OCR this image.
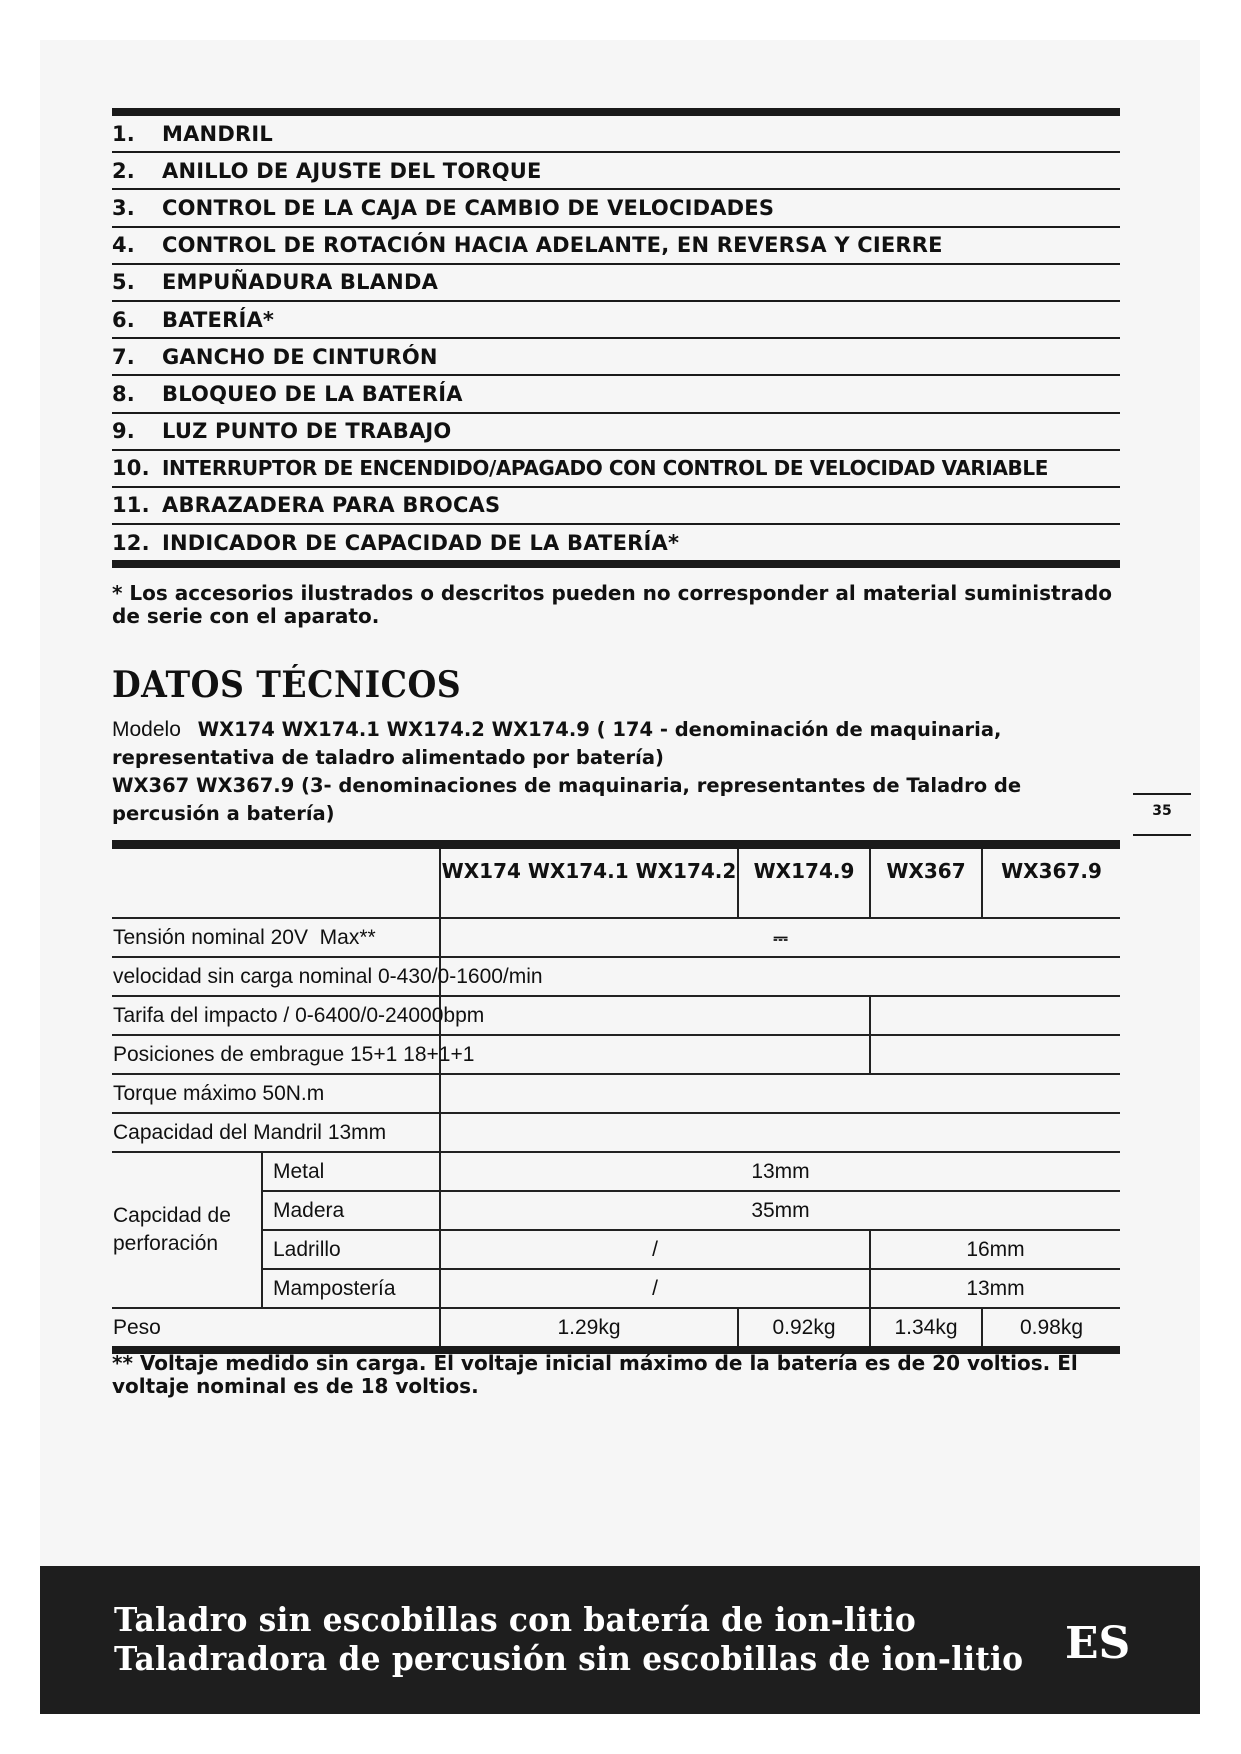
1.	MANDRIL
2.	ANILLO DE AJUSTE DEL TORQUE
3.	CONTROL DE LA CAJA DE CAMBIO DE VELOCIDADES
4.	CONTROL DE ROTACIÓN HACIA ADELANTE, EN REVERSA Y CIERRE
5.	EMPUÑADURA BLANDA
6.	BATERÍA*
7.	GANCHO DE CINTURÓN
8.	BLOQUEO DE LA BATERÍA
9.	LUZ PUNTO DE TRABAJO
10. INTERRUPTOR DE ENCENDIDO/APAGADO CON CONTROL DE VELOCIDAD VARIABLE
11. ABRAZADERA PARA BROCAS
12. INDICADOR DE CAPACIDAD DE LA BATERÍA*
* Los accesorios ilustrados o descritos pueden no corresponder al material suministrado de serie con el aparato.
DATOS TÉCNICOS
Modelo WX174 WX174.1 WX174.2 WX174.9 ( 174 - denominación de maquinaria, representativa de taladro alimentado por batería)
WX367 WX367.9 (3- denominaciones de maquinaria, representantes de Taladro de percusión a batería)	35
		WX174 WX174.1 WX174.2	WX174.9	WX367	WX367.9
Tensión nominal 20V Max**		⎓			
velocidad sin carga nominal 0-430/0-1600/min					
Tarifa del impacto / 0-6400/0-24000bpm					
Posiciones de embrague 15+1 18+1+1					
Torque máximo 50N.m					
Capacidad del Mandril 13mm					
Capcidad de perforación	Metal	13mm			
	Madera	35mm			
	Ladrillo	/		16mm	
	Mampostería	/		13mm	
Peso		1.29kg	0.92kg	1.34kg	0.98kg
** Voltaje medido sin carga. El voltaje inicial máximo de la batería es de 20 voltios. El voltaje nominal es de 18 voltios.
Taladro sin escobillas con batería de ion-litio
Taladradora de percusión sin escobillas de ion-litio ES
